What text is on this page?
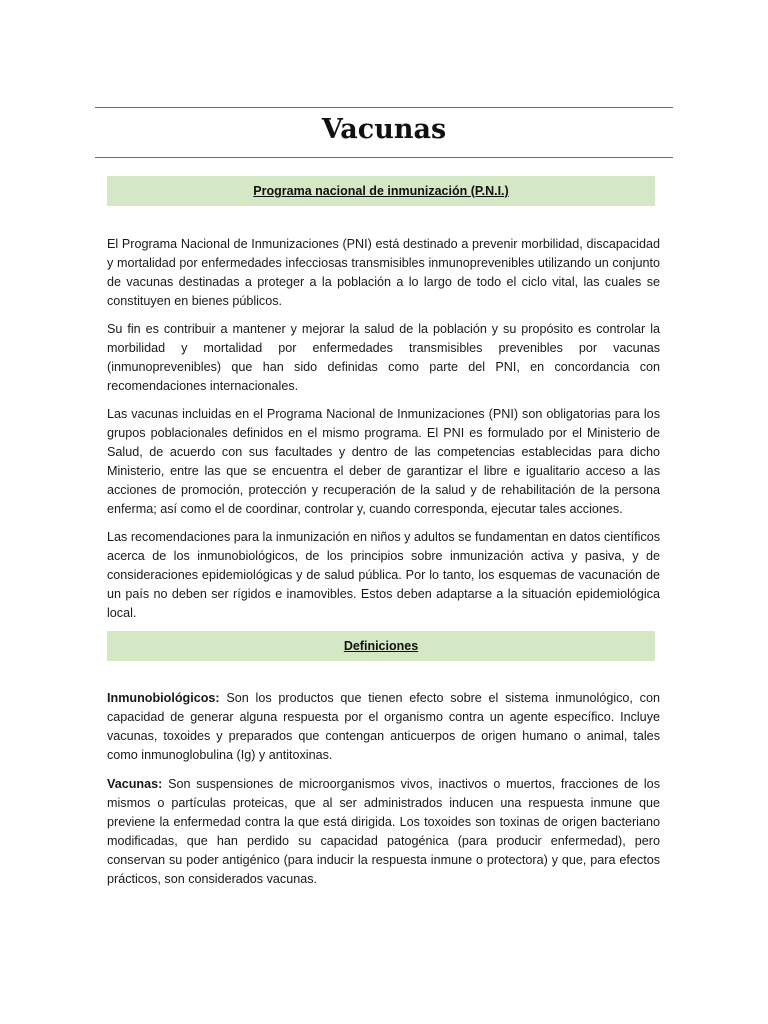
Vacunas
Programa nacional de inmunización (P.N.I.)

El Programa Nacional de Inmunizaciones (PNI) está destinado a prevenir morbilidad, discapacidad y mortalidad por enfermedades infecciosas transmisibles inmunoprevenibles utilizando un conjunto de vacunas destinadas a proteger a la población a lo largo de todo el ciclo vital, las cuales se constituyen en bienes públicos.

Su fin es contribuir a mantener y mejorar la salud de la población y su propósito es controlar la morbilidad y mortalidad por enfermedades transmisibles prevenibles por vacunas (inmunoprevenibles) que han sido definidas como parte del PNI, en concordancia con recomendaciones internacionales.

Las vacunas incluidas en el Programa Nacional de Inmunizaciones (PNI) son obligatorias para los grupos poblacionales definidos en el mismo programa. El PNI es formulado por el Ministerio de Salud, de acuerdo con sus facultades y dentro de las competencias establecidas para dicho Ministerio, entre las que se encuentra el deber de garantizar el libre e igualitario acceso a las acciones de promoción, protección y recuperación de la salud y de rehabilitación de la persona enferma; así como el de coordinar, controlar y, cuando corresponda, ejecutar tales acciones.

Las recomendaciones para la inmunización en niños y adultos se fundamentan en datos científicos acerca de los inmunobiológicos, de los principios sobre inmunización activa y pasiva, y de consideraciones epidemiológicas y de salud pública. Por lo tanto, los esquemas de vacunación de un país no deben ser rígidos e inamovibles. Estos deben adaptarse a la situación epidemiológica local.

Definiciones

Inmunobiológicos: Son los productos que tienen efecto sobre el sistema inmunológico, con capacidad de generar alguna respuesta por el organismo contra un agente específico. Incluye vacunas, toxoides y preparados que contengan anticuerpos de origen humano o animal, tales como inmunoglobulina (Ig) y antitoxinas.

Vacunas: Son suspensiones de microorganismos vivos, inactivos o muertos, fracciones de los mismos o partículas proteicas, que al ser administrados inducen una respuesta inmune que previene la enfermedad contra la que está dirigida. Los toxoides son toxinas de origen bacteriano modificadas, que han perdido su capacidad patogénica (para producir enfermedad), pero conservan su poder antigénico (para inducir la respuesta inmune o protectora) y que, para efectos prácticos, son considerados vacunas.
